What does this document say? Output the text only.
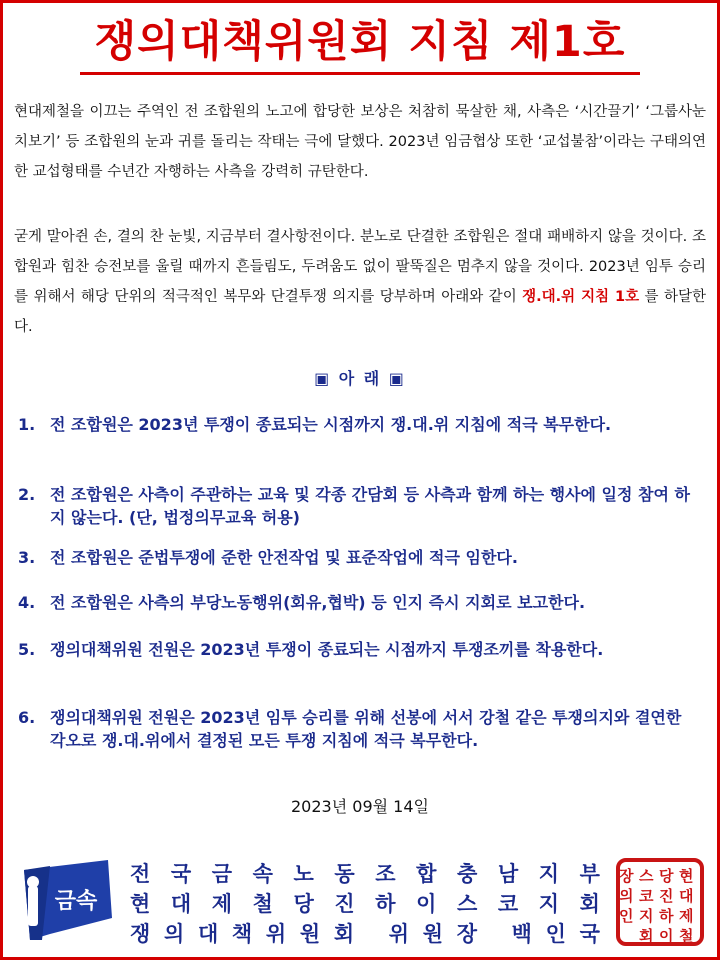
쟁의대책위원회 지침 제1호
현대제철을 이끄는 주역인 전 조합원의 노고에 합당한 보상은 처참히 묵살한 채, 사측은 ‘시간끌기’ ‘그룹사눈치보기’ 등 조합원의 눈과 귀를 돌리는 작태는 극에 달했다. 2023년 임금협상 또한 ‘교섭불참’이라는 구태의연한 교섭형태를 수년간 자행하는 사측을 강력히 규탄한다.
굳게 말아쥔 손, 결의 찬 눈빛, 지금부터 결사항전이다. 분노로 단결한 조합원은 절대 패배하지 않을 것이다. 조합원과 힘찬 승전보를 울릴 때까지 흔들림도, 두려움도 없이 팔뚝질은 멈추지 않을 것이다. 2023년 임투 승리를 위해서 해당 단위의 적극적인 복무와 단결투쟁 의지를 당부하며 아래와 같이 쟁.대.위 지침 1호 를 하달한다.
▣ 아 래 ▣
1. 전 조합원은 2023년 투쟁이 종료되는 시점까지 쟁.대.위 지침에 적극 복무한다.
2. 전 조합원은 사측이 주관하는 교육 및 각종 간담회 등 사측과 함께 하는 행사에 일정 참여 하지 않는다. (단, 법정의무교육 허용)
3. 전 조합원은 준법투쟁에 준한 안전작업 및 표준작업에 적극 임한다.
4. 전 조합원은 사측의 부당노동행위(회유,협박) 등 인지 즉시 지회로 보고한다.
5. 쟁의대책위원 전원은 2023년 투쟁이 종료되는 시점까지 투쟁조끼를 착용한다.
6. 쟁의대책위원 전원은 2023년 임투 승리를 위해 선봉에 서서 강철 같은 투쟁의지와 결연한 각오로 쟁.대.위에서 결정된 모든 투쟁 지침에 적극 복무한다.
2023년 09월 14일
금속
전 국 금 속 노 동 조 합 충 남 지 부
현 대 제 철 당 진 하 이 스 코 지 회
쟁 의 대 책 위 원 회
위 원 장
백 인 국
현
대
제
철
당
진
하
이
스
코
지
회
장
의
인
